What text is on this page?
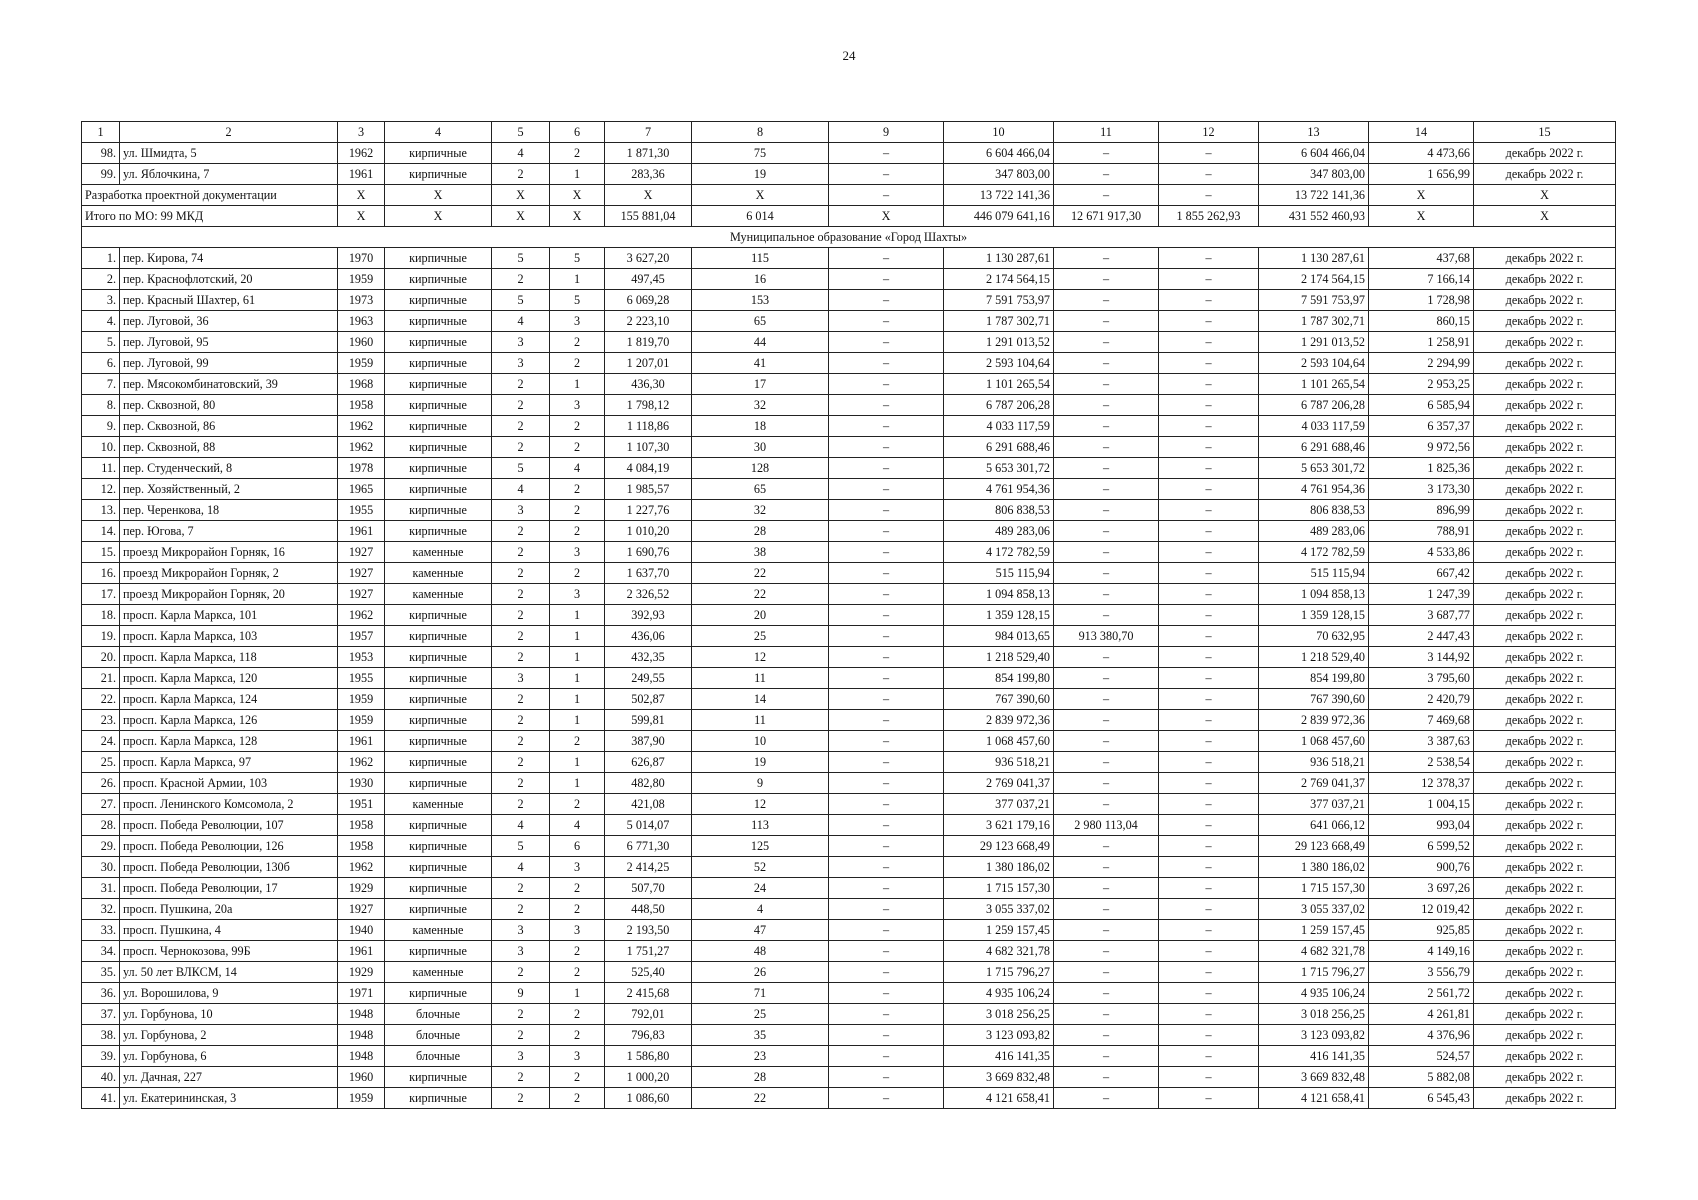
24
1	2	3	4	5	6	7	8	9	10	11	12	13	14	15
98.	ул. Шмидта, 5	1962	кирпичные	4	2	1 871,30	75	–	6 604 466,04	–	–	6 604 466,04	4 473,66	декабрь 2022 г.
99.	ул. Яблочкина, 7	1961	кирпичные	2	1	283,36	19	–	347 803,00	–	–	347 803,00	1 656,99	декабрь 2022 г.
Разработка проектной документации		X	X	X	X	X	X	–	13 722 141,36	–	–	13 722 141,36	X	X
Итого по МО: 99 МКД		X	X	X	X	155 881,04	6 014	X	446 079 641,16	12 671 917,30	1 855 262,93	431 552 460,93	X	X
Муниципальное образование «Город Шахты»														
1.	пер. Кирова, 74	1970	кирпичные	5	5	3 627,20	115	–	1 130 287,61	–	–	1 130 287,61	437,68	декабрь 2022 г.
2.	пер. Краснофлотский, 20	1959	кирпичные	2	1	497,45	16	–	2 174 564,15	–	–	2 174 564,15	7 166,14	декабрь 2022 г.
3.	пер. Красный Шахтер, 61	1973	кирпичные	5	5	6 069,28	153	–	7 591 753,97	–	–	7 591 753,97	1 728,98	декабрь 2022 г.
4.	пер. Луговой, 36	1963	кирпичные	4	3	2 223,10	65	–	1 787 302,71	–	–	1 787 302,71	860,15	декабрь 2022 г.
5.	пер. Луговой, 95	1960	кирпичные	3	2	1 819,70	44	–	1 291 013,52	–	–	1 291 013,52	1 258,91	декабрь 2022 г.
6.	пер. Луговой, 99	1959	кирпичные	3	2	1 207,01	41	–	2 593 104,64	–	–	2 593 104,64	2 294,99	декабрь 2022 г.
7.	пер. Мясокомбинатовский, 39	1968	кирпичные	2	1	436,30	17	–	1 101 265,54	–	–	1 101 265,54	2 953,25	декабрь 2022 г.
8.	пер. Сквозной, 80	1958	кирпичные	2	3	1 798,12	32	–	6 787 206,28	–	–	6 787 206,28	6 585,94	декабрь 2022 г.
9.	пер. Сквозной, 86	1962	кирпичные	2	2	1 118,86	18	–	4 033 117,59	–	–	4 033 117,59	6 357,37	декабрь 2022 г.
10.	пер. Сквозной, 88	1962	кирпичные	2	2	1 107,30	30	–	6 291 688,46	–	–	6 291 688,46	9 972,56	декабрь 2022 г.
11.	пер. Студенческий, 8	1978	кирпичные	5	4	4 084,19	128	–	5 653 301,72	–	–	5 653 301,72	1 825,36	декабрь 2022 г.
12.	пер. Хозяйственный, 2	1965	кирпичные	4	2	1 985,57	65	–	4 761 954,36	–	–	4 761 954,36	3 173,30	декабрь 2022 г.
13.	пер. Черенкова, 18	1955	кирпичные	3	2	1 227,76	32	–	806 838,53	–	–	806 838,53	896,99	декабрь 2022 г.
14.	пер. Югова, 7	1961	кирпичные	2	2	1 010,20	28	–	489 283,06	–	–	489 283,06	788,91	декабрь 2022 г.
15.	проезд Микрорайон Горняк, 16	1927	каменные	2	3	1 690,76	38	–	4 172 782,59	–	–	4 172 782,59	4 533,86	декабрь 2022 г.
16.	проезд Микрорайон Горняк, 2	1927	каменные	2	2	1 637,70	22	–	515 115,94	–	–	515 115,94	667,42	декабрь 2022 г.
17.	проезд Микрорайон Горняк, 20	1927	каменные	2	3	2 326,52	22	–	1 094 858,13	–	–	1 094 858,13	1 247,39	декабрь 2022 г.
18.	просп. Карла Маркса, 101	1962	кирпичные	2	1	392,93	20	–	1 359 128,15	–	–	1 359 128,15	3 687,77	декабрь 2022 г.
19.	просп. Карла Маркса, 103	1957	кирпичные	2	1	436,06	25	–	984 013,65	913 380,70	–	70 632,95	2 447,43	декабрь 2022 г.
20.	просп. Карла Маркса, 118	1953	кирпичные	2	1	432,35	12	–	1 218 529,40	–	–	1 218 529,40	3 144,92	декабрь 2022 г.
21.	просп. Карла Маркса, 120	1955	кирпичные	3	1	249,55	11	–	854 199,80	–	–	854 199,80	3 795,60	декабрь 2022 г.
22.	просп. Карла Маркса, 124	1959	кирпичные	2	1	502,87	14	–	767 390,60	–	–	767 390,60	2 420,79	декабрь 2022 г.
23.	просп. Карла Маркса, 126	1959	кирпичные	2	1	599,81	11	–	2 839 972,36	–	–	2 839 972,36	7 469,68	декабрь 2022 г.
24.	просп. Карла Маркса, 128	1961	кирпичные	2	2	387,90	10	–	1 068 457,60	–	–	1 068 457,60	3 387,63	декабрь 2022 г.
25.	просп. Карла Маркса, 97	1962	кирпичные	2	1	626,87	19	–	936 518,21	–	–	936 518,21	2 538,54	декабрь 2022 г.
26.	просп. Красной Армии, 103	1930	кирпичные	2	1	482,80	9	–	2 769 041,37	–	–	2 769 041,37	12 378,37	декабрь 2022 г.
27.	просп. Ленинского Комсомола, 2	1951	каменные	2	2	421,08	12	–	377 037,21	–	–	377 037,21	1 004,15	декабрь 2022 г.
28.	просп. Победа Революции, 107	1958	кирпичные	4	4	5 014,07	113	–	3 621 179,16	2 980 113,04	–	641 066,12	993,04	декабрь 2022 г.
29.	просп. Победа Революции, 126	1958	кирпичные	5	6	6 771,30	125	–	29 123 668,49	–	–	29 123 668,49	6 599,52	декабрь 2022 г.
30.	просп. Победа Революции, 130б	1962	кирпичные	4	3	2 414,25	52	–	1 380 186,02	–	–	1 380 186,02	900,76	декабрь 2022 г.
31.	просп. Победа Революции, 17	1929	кирпичные	2	2	507,70	24	–	1 715 157,30	–	–	1 715 157,30	3 697,26	декабрь 2022 г.
32.	просп. Пушкина, 20а	1927	кирпичные	2	2	448,50	4	–	3 055 337,02	–	–	3 055 337,02	12 019,42	декабрь 2022 г.
33.	просп. Пушкина, 4	1940	каменные	3	3	2 193,50	47	–	1 259 157,45	–	–	1 259 157,45	925,85	декабрь 2022 г.
34.	просп. Чернокозова, 99Б	1961	кирпичные	3	2	1 751,27	48	–	4 682 321,78	–	–	4 682 321,78	4 149,16	декабрь 2022 г.
35.	ул. 50 лет ВЛКСМ, 14	1929	каменные	2	2	525,40	26	–	1 715 796,27	–	–	1 715 796,27	3 556,79	декабрь 2022 г.
36.	ул. Ворошилова, 9	1971	кирпичные	9	1	2 415,68	71	–	4 935 106,24	–	–	4 935 106,24	2 561,72	декабрь 2022 г.
37.	ул. Горбунова, 10	1948	блочные	2	2	792,01	25	–	3 018 256,25	–	–	3 018 256,25	4 261,81	декабрь 2022 г.
38.	ул. Горбунова, 2	1948	блочные	2	2	796,83	35	–	3 123 093,82	–	–	3 123 093,82	4 376,96	декабрь 2022 г.
39.	ул. Горбунова, 6	1948	блочные	3	3	1 586,80	23	–	416 141,35	–	–	416 141,35	524,57	декабрь 2022 г.
40.	ул. Дачная, 227	1960	кирпичные	2	2	1 000,20	28	–	3 669 832,48	–	–	3 669 832,48	5 882,08	декабрь 2022 г.
41.	ул. Екатерининская, 3	1959	кирпичные	2	2	1 086,60	22	–	4 121 658,41	–	–	4 121 658,41	6 545,43	декабрь 2022 г.
